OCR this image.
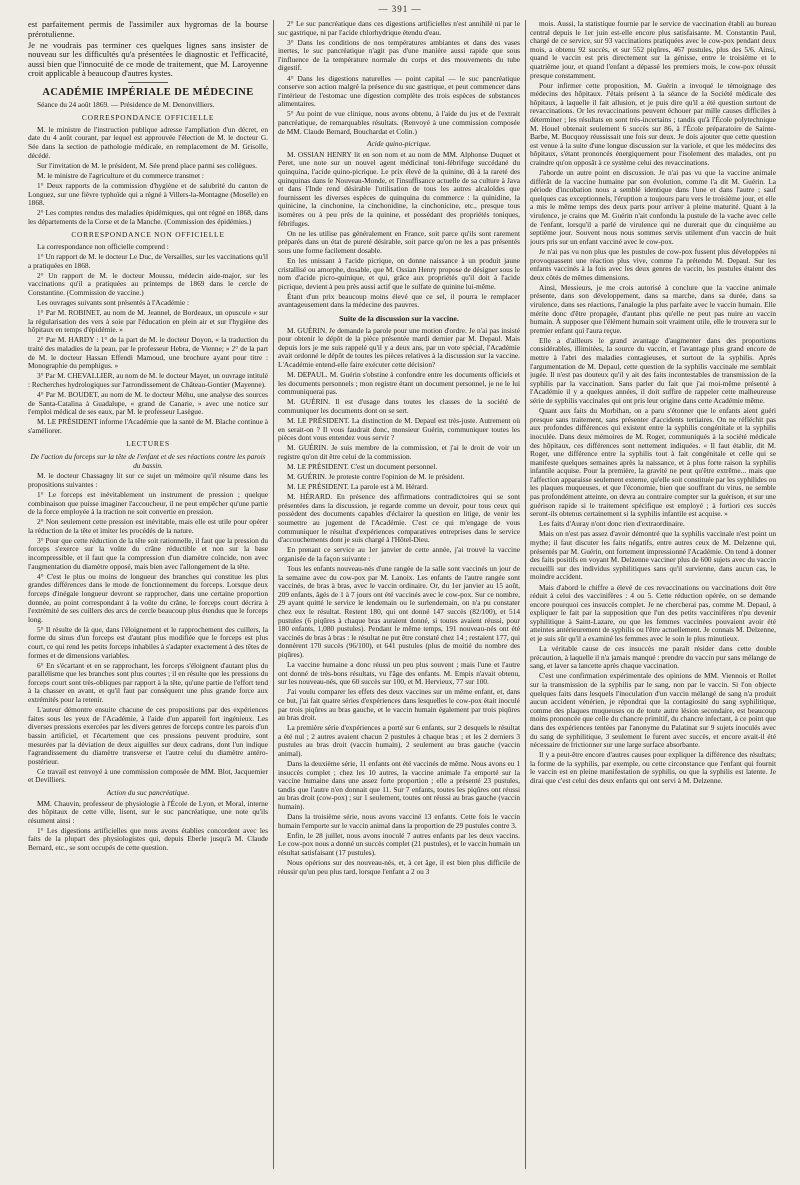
— 391 —

est parfaitement permis de l'assimiler aux hygromas de la bourse prérotulienne.

Je ne voudrais pas terminer ces quelques lignes sans insister de nouveau sur les difficultés qu'a présentées le diagnostic et l'efficacité, aussi bien que l'innocuité de ce mode de traitement, que M. Laroyenne croit applicable à beaucoup d'autres kystes.

ACADÉMIE IMPÉRIALE DE MÉDECINE

Séance du 24 août 1869. — Présidence de M. Denonvilliers.

CORRESPONDANCE OFFICIELLE

M. le ministre de l'instruction publique adresse l'ampliation d'un décret, en date du 4 août courant, par lequel est approuvée l'élection de M. le docteur G. Sée dans la section de pathologie médicale, en remplacement de M. Grisolle, décédé.

Sur l'invitation de M. le président, M. Sée prend place parmi ses collègues.

M. le ministre de l'agriculture et du commerce transmet :

1° Deux rapports de la commission d'hygiène et de salubrité du canton de Longuez, sur une fièvre typhoïde qui a régné à Villers-la-Montagne (Moselle) en 1868.

2° Les comptes rendus des maladies épidémiques, qui ont régné en 1868, dans les départements de la Corse et de la Manche. (Commission des épidémies.)

CORRESPONDANCE NON OFFICIELLE

La correspondance non officielle comprend :

1° Un rapport de M. le docteur Le Duc, de Versailles, sur les vaccinations qu'il a pratiquées en 1868.

2° Un rapport de M. le docteur Moussu, médecin aide-major, sur les vaccinations qu'il a pratiquées au printemps de 1869 dans le cercle de Constantine. (Commission de vaccine.)

Les ouvrages suivants sont présentés à l'Académie :

1° Par M. ROBINET, au nom de M. Jeannel, de Bordeaux, un opuscule « sur la régularisation des vers à soie par l'éducation en plein air et sur l'hygiène des hôpitaux en temps d'épidémie. »

2° Par M. HARDY : 1° de la part de M. le docteur Doyon, « la traduction du traité des maladies de la peau, par le professeur Hebra, de Vienne; » 2° de la part de M. le docteur Hassan Effendi Mamoud, une brochure ayant pour titre : Monographie du pemphigus. »

3° Par M. CHEVALLIER, au nom de M. le docteur Mayet, un ouvrage intitulé : Recherches hydrologiques sur l'arrondissement de Château-Gontier (Mayenne).

4° Par M. BOUDET, au nom de M. le docteur Méhu, une analyse des sources de Santa-Catalina à Guadalupe, « grand de Canarie, » avec une notice sur l'emploi médical de ses eaux, par M. le professeur Lasègue.

M. LE PRÉSIDENT informe l'Académie que la santé de M. Blache continue à s'améliorer.

LECTURES
De l'action du forceps sur la tête de l'enfant et de ses réactions contre les parois du bassin.

M. le docteur Chassagny lit sur ce sujet un mémoire qu'il résume dans les propositions suivantes :

1° Le forceps est inévitablement un instrument de pression ; quelque combinaison que puisse imaginer l'accoucheur, il ne peut empêcher qu'une partie de la force employée à la traction ne soit convertie en pression.

2° Non seulement cette pression est inévitable, mais elle est utile pour opérer la réduction de la tête et imiter les procédés de la nature.

3° Pour que cette réduction de la tête soit rationnelle, il faut que la pression du forceps s'exerce sur la voûte du crâne réductible et non sur la base incompressible, et il faut que la compression d'un diamètre coïncide, non avec l'augmentation du diamètre opposé, mais bien avec l'allongement de la tête.

4° C'est le plus ou moins de longueur des branches qui constitue les plus grandes différences dans le mode de fonctionnement du forceps. Lorsque deux forceps d'inégale longueur devront se rapprocher, dans une certaine proportion donnée, au point correspondant à la voûte du crâne, le forceps court décrira à l'extrémité de ses cuillers des arcs de cercle beaucoup plus étendus que le forceps long.

5° Il résulte de là que, dans l'éloignement et le rapprochement des cuillers, la forme du sinus d'un forceps est d'autant plus modifiée que le forceps est plus court, ce qui rend les petits forceps inhabiles à s'adapter exactement à des têtes de formes et de dimensions variables.

6° En s'écartant et en se rapprochant, les forceps s'éloignent d'autant plus du parallélisme que les branches sont plus courtes ; il en résulte que les pressions du forceps court sont très-obliques par rapport à la tête, qu'une partie de l'effort tend à la chasser en avant, et qu'il faut par conséquent une plus grande force aux extrémités pour la retenir.

L'auteur démontre ensuite chacune de ces propositions par des expériences faites sous les yeux de l'Académie, à l'aide d'un appareil fort ingénieux. Les diverses pressions exercées par les divers genres de forceps contre les parois d'un bassin artificiel, et l'écartement que ces pressions peuvent produire, sont mesurées par la déviation de deux aiguilles sur deux cadrans, dont l'un indique l'agrandissement du diamètre transverse et l'autre celui du diamètre antéro-postérieur.

Ce travail est renvoyé à une commission composée de MM. Blot, Jacquemier et Devilliers.

Action du suc pancréatique.

MM. Chauvin, professeur de physiologie à l'École de Lyon, et Moral, interne des hôpitaux de cette ville, lisent, sur le suc pancréatique, une note qu'ils résument ainsi :

1° Les digestions artificielles que nous avons établies concordent avec les faits de la plupart des physiologistes qui, depuis Eberle jusqu'à M. Claude Bernard, etc., se sont occupés de cette question.

2° Le suc pancréatique dans ces digestions artificielles n'est annihilé ni par le suc gastrique, ni par l'acide chlorhydrique étendu d'eau.

3° Dans les conditions de nos températures ambiantes et dans des vases inertes, le suc pancréatique n'agit pas d'une manière aussi rapide que sous l'influence de la température normale du corps et des mouvements du tube digestif.

4° Dans les digestions naturelles — point capital — le suc pancréatique conserve son action malgré la présence du suc gastrique, et peut commencer dans l'intérieur de l'estomac une digestion complète des trois espèces de substances alimentaires.

5° Au point de vue clinique, nous avons obtenu, à l'aide du jus et de l'extrait pancréatique, de remarquables résultats. (Renvoyé à une commission composée de MM. Claude Bernard, Bouchardat et Colin.)

Acide quino-picrique.

M. OSSIAN HENRY lit en son nom et au nom de MM. Alphonse Duquet et Peret, une note sur un nouvel agent médicinal toni-fébrifuge succédané du quinquina, l'acide quino-picrique. Le prix élevé de la quinine, dû à la rareté des quinquinas dans le Nouveau-Monde, et l'insuffisance actuelle de sa culture à Java et dans l'Inde rend désirable l'utilisation de tous les autres alcaloïdes que fournissent les diverses espèces de quinquina du commerce : la quinidine, la quinicine, la cinchonine, la cinchonidine, la cinchonicine, etc., presque tous isomères ou à peu près de la quinine, et possédant des propriétés toniques, fébrifuges.

On ne les utilise pas généralement en France, soit parce qu'ils sont rarement préparés dans un état de pureté désirable, soit parce qu'on ne les a pas présentés sous une forme facilement dosable.

En les unissant à l'acide picrique, on donne naissance à un produit jaune cristallisé ou amorphe, dosable, que M. Ossian Henry propose de désigner sous le nom d'acide picro-quinique, et qui, grâce aux propriétés qu'il doit à l'acide picrique, devient à peu près aussi actif que le sulfate de quinine lui-même.

Étant d'un prix beaucoup moins élevé que ce sel, il pourra le remplacer avantageusement dans la médecine des pauvres.

Suite de la discussion sur la vaccine.

M. GUÉRIN. Je demande la parole pour une motion d'ordre. Je n'ai pas insisté pour obtenir le dépôt de la pièce présentée mardi dernier par M. Depaul. Mais depuis lors je me suis rappelé qu'il y a deux ans, par un vote spécial, l'Académie avait ordonné le dépôt de toutes les pièces relatives à la discussion sur la vaccine. L'Académie entend-elle faire exécuter cette décision?

M. DEPAUL. M. Guérin s'obstine à confondre entre les documents officiels et les documents personnels ; mon registre étant un document personnel, je ne le lui communiquerai pas.

M. GUÉRIN. Il est d'usage dans toutes les classes de la société de communiquer les documents dont on se sert.

M. LE PRÉSIDENT. La distinction de M. Depaul est très-juste. Autrement où en serait-on ? Il vous faudrait donc, monsieur Guérin, communiquer toutes les pièces dont vous entendez vous servir ?

M. GUÉRIN. Je suis membre de la commission, et j'ai le droit de voir un registre qu'on dit être celui de la commission.

M. LE PRÉSIDENT. C'est un document personnel.

M. GUÉRIN. Je proteste contre l'opinion de M. le président.

M. LE PRÉSIDENT. La parole est à M. Hérard.

M. HÉRARD. En présence des affirmations contradictoires qui se sont présentées dans la discussion, je regarde comme un devoir, pour tous ceux qui possèdent des documents capables d'éclairer la question en litige, de venir les soumettre au jugement de l'Académie. C'est ce qui m'engage de vous communiquer le résultat d'expériences comparatives entreprises dans le service d'accouchements dont je suis chargé à l'Hôtel-Dieu.

En prenant ce service au 1er janvier de cette année, j'ai trouvé la vaccine organisée de la façon suivante :

Tous les enfants nouveau-nés d'une rangée de la salle sont vaccinés un jour de la semaine avec du cow-pox par M. Lanoix. Les enfants de l'autre rangée sont vaccinés, de bras à bras, avec le vaccin ordinaire. Or, du 1er janvier au 15 août, 209 enfants, âgés de 1 à 7 jours ont été vaccinés avec le cow-pox. Sur ce nombre, 29 ayant quitté le service le lendemain ou le surlendemain, on n'a pu constater chez eux le résultat. Restent 180, qui ont donné 147 succès (82/100), et 514 pustules (6 piqûres à chaque bras auraient donné, si toutes avaient réussi, pour 180 enfants, 1,080 pustules). Pendant le même temps, 191 nouveau-nés ont été vaccinés de bras à bras : le résultat ne put être constaté chez 14 ; restaient 177, qui donnèrent 170 succès (96/100), et 641 pustules (plus de moitié du nombre des piqûres).

La vaccine humaine a donc réussi un peu plus souvent ; mais l'une et l'autre ont donné de très-bons résultats, vu l'âge des enfants. M. Empis n'avait obtenu, sur les nouveau-nés, que 60 succès sur 100, et M. Hervieux, 77 sur 100.

J'ai voulu comparer les effets des deux vaccines sur un même enfant, et, dans ce but, j'ai fait quatre séries d'expériences dans lesquelles le cow-pox était inoculé par trois piqûres au bras gauche, et le vaccin humain également par trois piqûres au bras droit.

La première série d'expériences a porté sur 6 enfants, sur 2 desquels le résultat a été nul ; 2 autres avaient chacun 2 pustules à chaque bras ; et les 2 derniers 3 pustules au bras droit (vaccin humain), 2 seulement au bras gauche (vaccin animal).

Dans la deuxième série, 11 enfants ont été vaccinés de même. Nous avons eu 1 insuccès complet ; chez les 10 autres, la vaccine animale l'a emporté sur la vaccine humaine dans une assez forte proportion ; elle a présenté 23 pustules, tandis que l'autre n'en donnait que 11. Sur 7 enfants, toutes les piqûres ont réussi au bras droit (cow-pox) ; sur 1 seulement, toutes ont réussi au bras gauche (vaccin humain).

Dans la troisième série, nous avons vacciné 13 enfants. Cette fois le vaccin humain l'emporte sur le vaccin animal dans la proportion de 29 pustules contre 3.

Enfin, le 28 juillet, nous avons inoculé 7 autres enfants par les deux vaccins. Le cow-pox nous a donné un succès complet (21 pustules), et le vaccin humain un résultat satisfaisant (17 pustules).

Nous opérions sur des nouveau-nés, et, à cet âge, il est bien plus difficile de réussir qu'un peu plus tard, lorsque l'enfant a 2 ou 3

mois. Aussi, la statistique fournie par le service de vaccination établi au bureau central depuis le 1er juin est-elle encore plus satisfaisante. M. Constantin Paul, chargé de ce service, sur 93 vaccinations pratiquées avec le cow-pox pendant deux mois, a obtenu 92 succès, et sur 552 piqûres, 467 pustules, plus des 5/6. Ainsi, quand le vaccin est pris directement sur la génisse, entre le troisième et le quatrième jour, et quand l'enfant a dépassé les premiers mois, le cow-pox réussit presque constamment.

Pour infirmer cette proposition, M. Guérin a invoqué le témoignage des médecins des hôpitaux. J'étais présent à la séance de la Société médicale des hôpitaux, à laquelle il fait allusion, et je puis dire qu'il a été question surtout de revaccinations. Or les revaccinations peuvent échouer par mille causes difficiles à déterminer ; les résultats en sont très-incertains ; tandis qu'à l'École polytechnique M. Houel obtenait seulement 6 succès sur 86, à l'École préparatoire de Sainte-Barbe, M. Bucquoy réussissait une fois sur deux. Je dois ajouter que cette question est venue à la suite d'une longue discussion sur la variole, et que les médecins des hôpitaux, s'étant prononcés énergiquement pour l'isolement des malades, ont pu craindre qu'on opposât à ce système celui des revaccinations.

J'aborde un autre point en discussion. Je n'ai pas vu que la vaccine animale différât de la vaccine humaine par son évolution, comme l'a dit M. Guérin. La période d'incubation nous a semblé identique dans l'une et dans l'autre ; sauf quelques cas exceptionnels, l'éruption a toujours paru vers le troisième jour, et elle a mis le même temps des deux parts pour arriver à pleine maturité. Quant à la virulence, je crains que M. Guérin n'ait confondu la pustule de la vache avec celle de l'enfant, lorsqu'il a parlé de virulence qui ne durerait que du cinquième au septième jour. Souvent nous nous sommes servis utilement d'un vaccin de huit jours pris sur un enfant vacciné avec le cow-pox.

Je n'ai pas vu non plus que les pustules de cow-pox fussent plus développées ni provoquassent une réaction plus vive, comme l'a prétendu M. Depaul. Sur les enfants vaccinés à la fois avec les deux genres de vaccin, les pustules étaient des deux côtés de mêmes dimensions.

Ainsi, Messieurs, je me crois autorisé à conclure que la vaccine animale présente, dans son développement, dans sa marche, dans sa durée, dans sa virulence, dans ses réactions, l'analogie la plus parfaite avec le vaccin humain. Elle mérite donc d'être propagée, d'autant plus qu'elle ne peut pas nuire au vaccin humain. À supposer que l'élément humain soit vraiment utile, elle le trouvera sur le premier enfant qui l'aura reçue.

Elle a d'ailleurs le grand avantage d'augmenter dans des proportions considérables, illimitées, la source du vaccin, et l'avantage plus grand encore de mettre à l'abri des maladies contagieuses, et surtout de la syphilis. Après l'argumentation de M. Depaul, cette question de la syphilis vaccinale me semblait jugée. Il n'est pas douteux qu'il y ait des faits incontestables de transmission de la syphilis par la vaccination. Sans parler du fait que j'ai moi-même présenté à l'Académie il y a quelques années, il doit suffire de rappeler cette malheureuse série de syphilis vaccinales qui ont pris leur origine dans cette Académie même.

Quant aux faits du Morbihan, on a paru s'étonner que le enfants aient guéri presque sans traitement, sans présenter d'accidents tertiaires. On ne réfléchit pas aux profondes différences qui existent entre la syphilis congénitale et la syphilis inoculée. Dans deux mémoires de M. Roger, communiqués à la société médicale des hôpitaux, ces différences sont nettement indiquées. « Il faut établir, dit M. Roger, une différence entre la syphilis tout à fait congénitale et celle qui se manifeste quelques semaines après la naissance, et à plus forte raison la syphilis infantile acquise. Pour la première, la gravité ne peut qu'être extrême... mais que l'affection apparaisse seulement externe, qu'elle soit constituée par les syphilides ou les plaques muqueuses, et que l'économie, bien que souffrant du virus, ne semble pas profondément atteinte, on devra au contraire compter sur la guérison, et sur une guérison rapide si le traitement spécifique est employé ; à fortiori ces succès seront-ils obtenus certainement si la syphilis infantile est acquise. »

Les faits d'Auray n'ont donc rien d'extraordinaire.

Mais on n'est pas assez d'avoir démontré que la syphilis vaccinale n'est point un mythe; il faut discuter les faits négatifs, entre autres ceux de M. Delzenne qui, présentés par M. Guérin, ont fortement impressionné l'Académie. On tend à donner des faits positifs en voyant M. Delzenne vacciner plus de 600 sujets avec du vaccin recueilli sur des individus syphilitiques sans qu'il survienne, dans aucun cas, le moindre accident.

Mais d'abord le chiffre a élevé de ces revaccinations ou vaccinations doit être réduit à celui des vaccinifères : 4 ou 5. Cette réduction opérée, on se demande encore pourquoi ces insuccès complet. Je ne chercherai pas, comme M. Depaul, à expliquer le fait par la supposition que l'un des petits vaccinifères n'pu devenir syphilitique à Saint-Lazare, ou que les femmes vaccinées pouvaient avoir été atteintes antérieurement de syphilis ou l'être actuellement. Je connais M. Delzenne, et je suis sûr qu'il a examiné les femmes avec le soin le plus minutieux.

La véritable cause de ces insuccès me paraît résider dans cette double précaution, à laquelle il n'a jamais manqué : prendre du vaccin pur sans mélange de sang, et laver sa lancette après chaque vaccination.

C'est une confirmation expérimentale des opinions de MM. Viennois et Rollet sur la transmission de la syphilis par le sang, non par le vaccin. Si l'on objecte quelques faits dans lesquels l'inoculation d'un vaccin mélangé de sang n'a produit aucun accident vénérien, je répondrai que la contagiosité du sang syphilitique, comme des plaques muqueuses ou de toute autre lésion secondaire, est beaucoup moins prononcée que celle du chancre primitif, du chancre infectant, à ce point que dans des expériences tentées par l'anonyme du Palatinat sur 9 sujets inoculés avec du sang de syphilitique, 3 seulement le furent avec succès, et encore avait-il été nécessaire de frictionner sur une large surface absorbante.

Il y a peut-être encore d'autres causes pour expliquer la différence des résultats; la forme de la syphilis, par exemple, ou cette circonstance que l'enfant qui fournit le vaccin est en pleine manifestation de syphilis, ou que la syphilis est latente. Je dirai que c'est celui des deux enfants qui ont servi à M. Delzenne.
